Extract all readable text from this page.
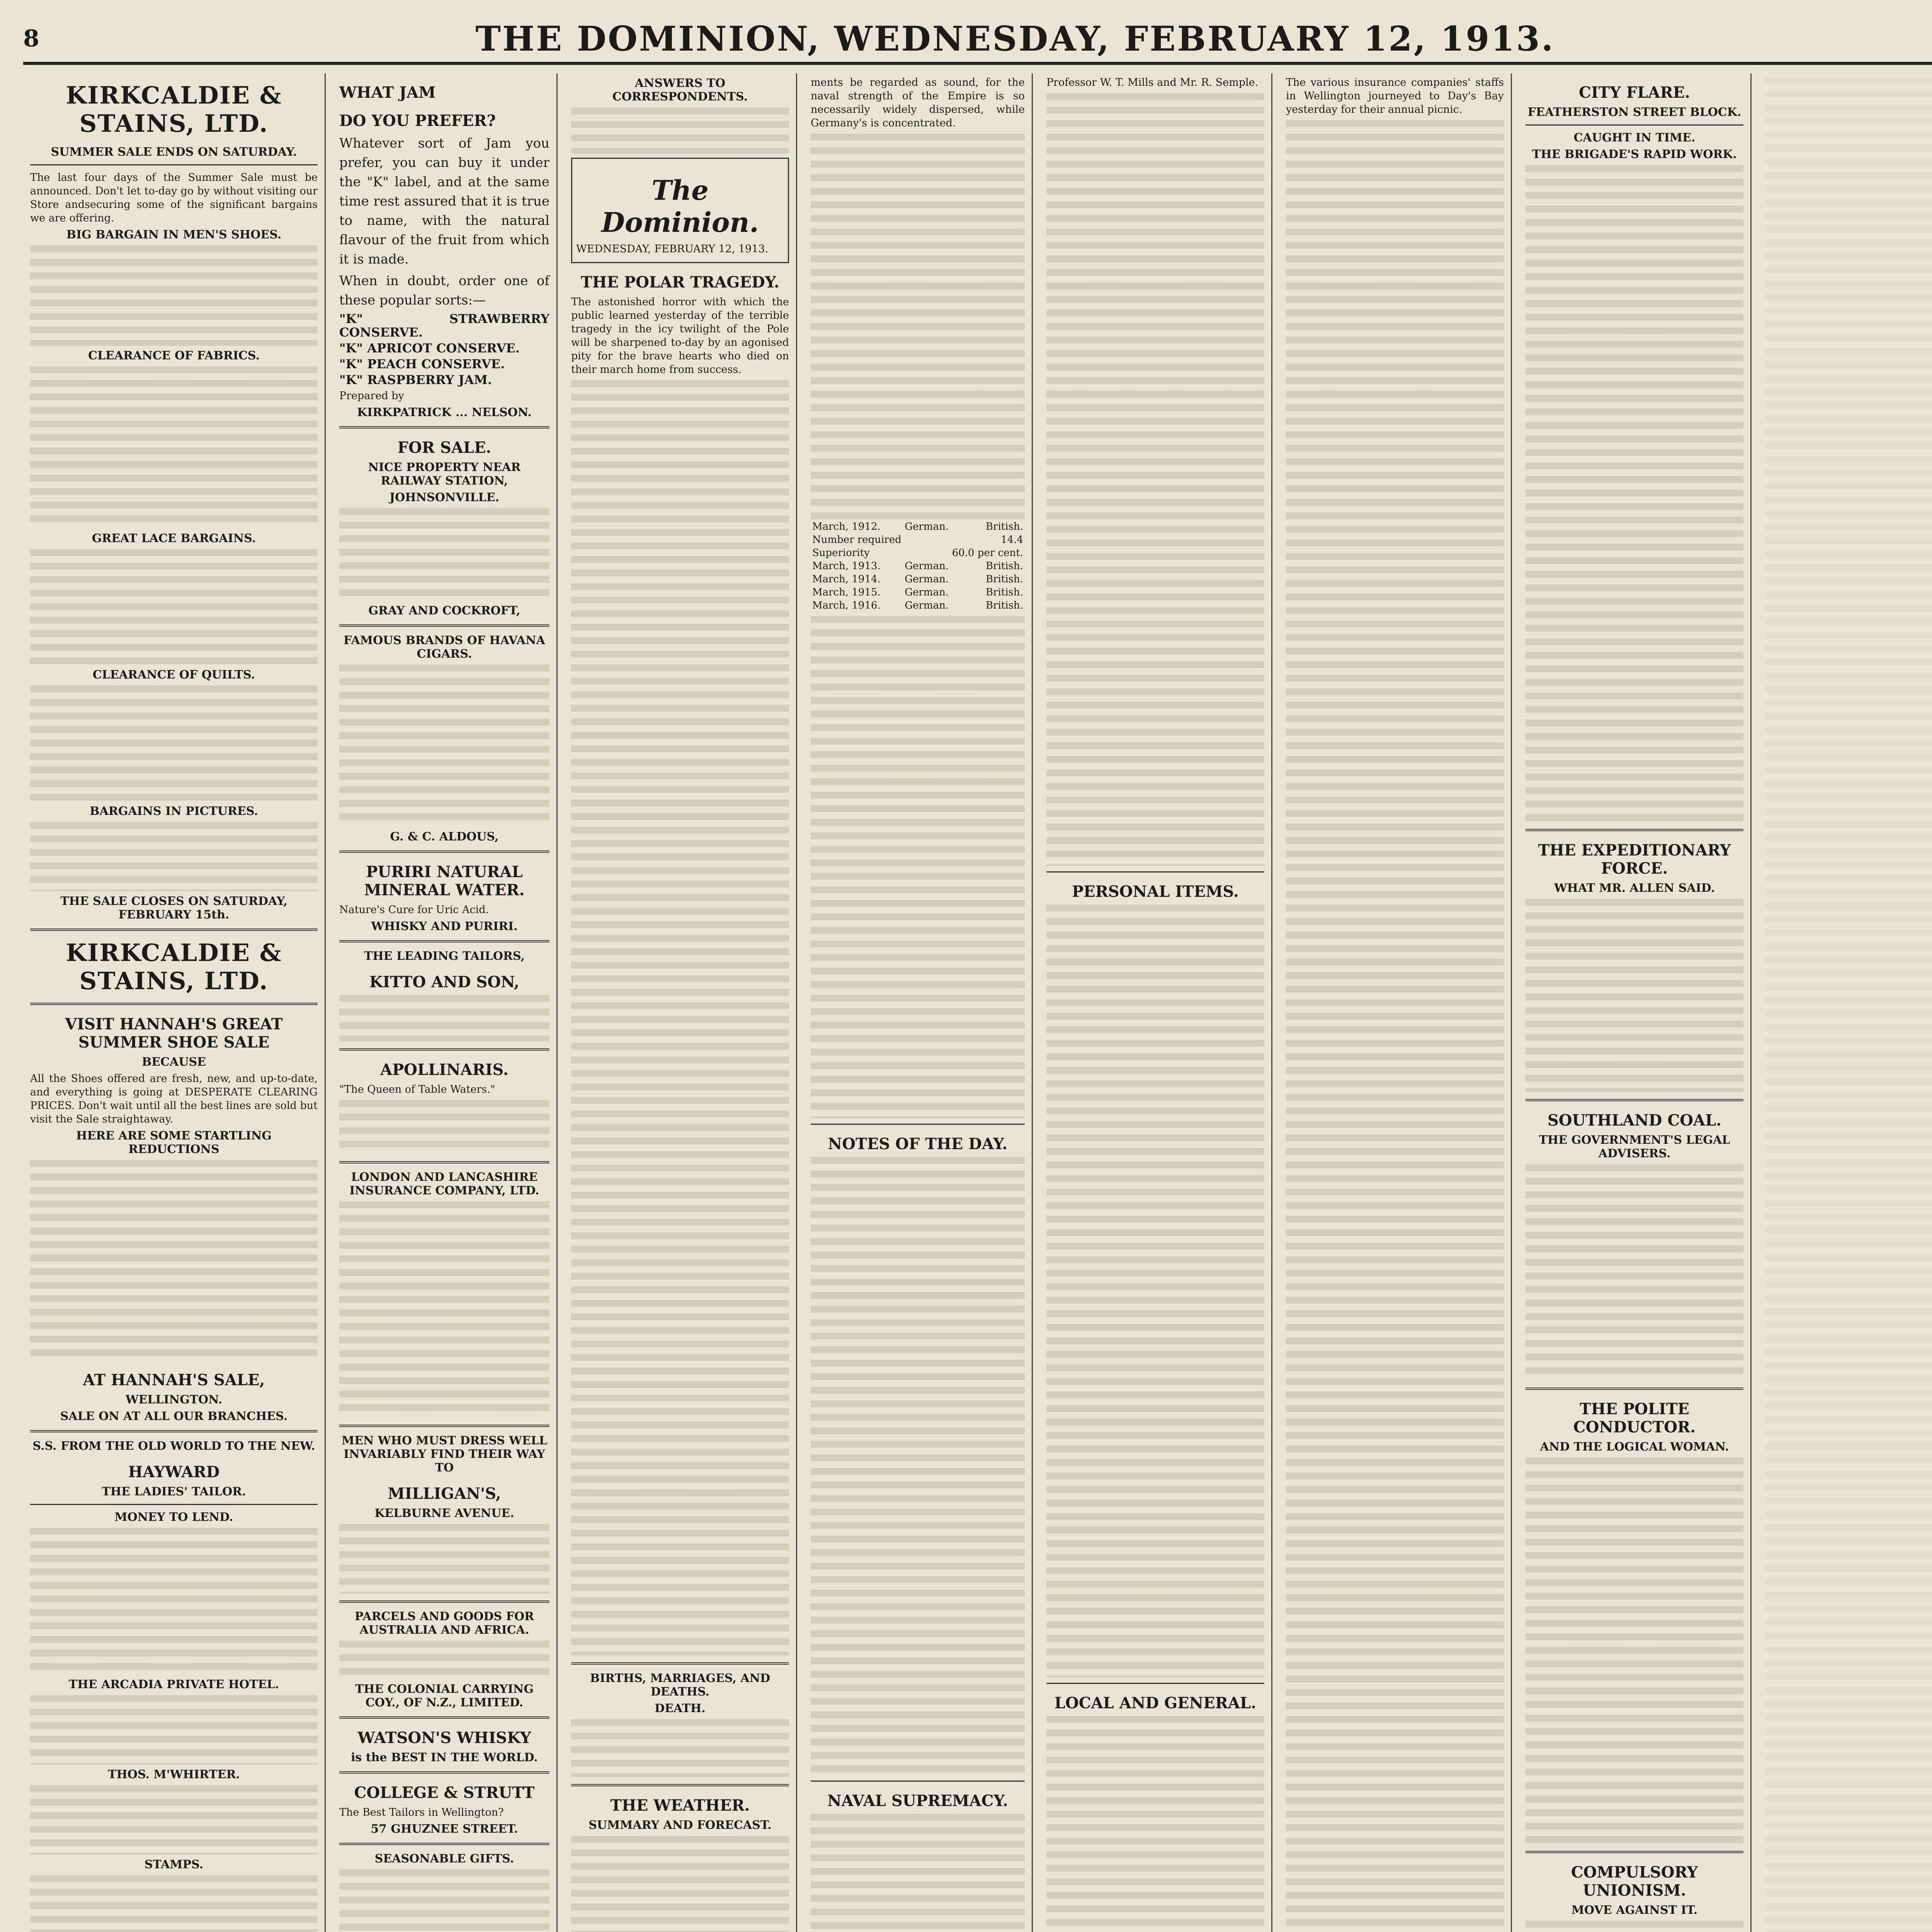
8	THE DOMINION, WEDNESDAY, FEBRUARY 12, 1913.
KIRKCALDIE & STAINS, LTD.
SUMMER SALE ENDS ON SATURDAY.

The last four days of the Summer Sale must be announced. Don't let to-day go by without visiting our Store andsecuring some of the significant bargains we are offering.

BIG BARGAIN IN MEN'S SHOES.
CLEARANCE OF FABRICS.
GREAT LACE BARGAINS.
CLEARANCE OF QUILTS.
BARGAINS IN PICTURES.
THE SALE CLOSES ON SATURDAY, FEBRUARY 15th.
KIRKCALDIE & STAINS, LTD.
VISIT HANNAH'S GREAT SUMMER SHOE SALE
BECAUSE

All the Shoes offered are fresh, new, and up-to-date, and everything is going at DESPERATE CLEARING PRICES. Don't wait until all the best lines are sold but visit the Sale straightaway.

HERE ARE SOME STARTLING REDUCTIONS
AT HANNAH'S SALE,
WELLINGTON.
SALE ON AT ALL OUR BRANCHES.
S.S. FROM THE OLD WORLD TO THE NEW.
HAYWARD
THE LADIES' TAILOR.
MONEY TO LEND.
THE ARCADIA PRIVATE HOTEL.
THOS. M'WHIRTER.
STAMPS.
WHAT JAM
DO YOU PREFER?

Whatever sort of Jam you prefer, you can buy it under the "K" label, and at the same time rest assured that it is true to name, with the natural flavour of the fruit from which it is made.

When in doubt, order one of these popular sorts:—

"K" STRAWBERRY CONSERVE.

"K" APRICOT CONSERVE.

"K" PEACH CONSERVE.

"K" RASPBERRY JAM.

Prepared by

KIRKPATRICK ... NELSON.
FOR SALE.
NICE PROPERTY NEAR RAILWAY STATION,
JOHNSONVILLE.
GRAY AND COCKROFT,
FAMOUS BRANDS OF HAVANA CIGARS.
G. & C. ALDOUS,
PURIRI NATURAL MINERAL WATER.

Nature's Cure for Uric Acid.

WHISKY AND PURIRI.
THE LEADING TAILORS,
KITTO AND SON,
APOLLINARIS.

"The Queen of Table Waters."

LONDON AND LANCASHIRE INSURANCE COMPANY, LTD.
MEN WHO MUST DRESS WELL INVARIABLY FIND THEIR WAY TO
MILLIGAN'S,
KELBURNE AVENUE.
PARCELS AND GOODS FOR AUSTRALIA AND AFRICA.
THE COLONIAL CARRYING COY., OF N.Z., LIMITED.
WATSON'S WHISKY
is the BEST IN THE WORLD.
COLLEGE & STRUTT

The Best Tailors in Wellington?

57 GHUZNEE STREET.
SEASONABLE GIFTS.
ANSWERS TO CORRESPONDENTS.
The Dominion.

WEDNESDAY, FEBRUARY 12, 1913.

THE POLAR TRAGEDY.

The astonished horror with which the public learned yesterday of the terrible tragedy in the icy twilight of the Pole will be sharpened to-day by an agonised pity for the brave hearts who died on their march home from success.

BIRTHS, MARRIAGES, AND DEATHS.
DEATH.
THE WEATHER.
SUMMARY AND FORECAST.

ments be regarded as sound, for the naval strength of the Empire is so necessarily widely dispersed, while Germany's is concentrated.

March, 1912.	German.	British.
Number required		14.4
Superiority		60.0 per cent.
March, 1913.	German.	British.
March, 1914.	German.	British.
March, 1915.	German.	British.
March, 1916.	German.	British.
NOTES OF THE DAY.
NAVAL SUPREMACY.

Professor W. T. Mills and Mr. R. Semple.

PERSONAL ITEMS.
LOCAL AND GENERAL.

The various insurance companies' staffs in Wellington journeyed to Day's Bay yesterday for their annual picnic.

CITY FLARE.
FEATHERSTON STREET BLOCK.
CAUGHT IN TIME.
THE BRIGADE'S RAPID WORK.
THE EXPEDITIONARY FORCE.
WHAT MR. ALLEN SAID.
SOUTHLAND COAL.
THE GOVERNMENT'S LEGAL ADVISERS.
THE POLITE CONDUCTOR.
AND THE LOGICAL WOMAN.
COMPULSORY UNIONISM.
MOVE AGAINST IT.
